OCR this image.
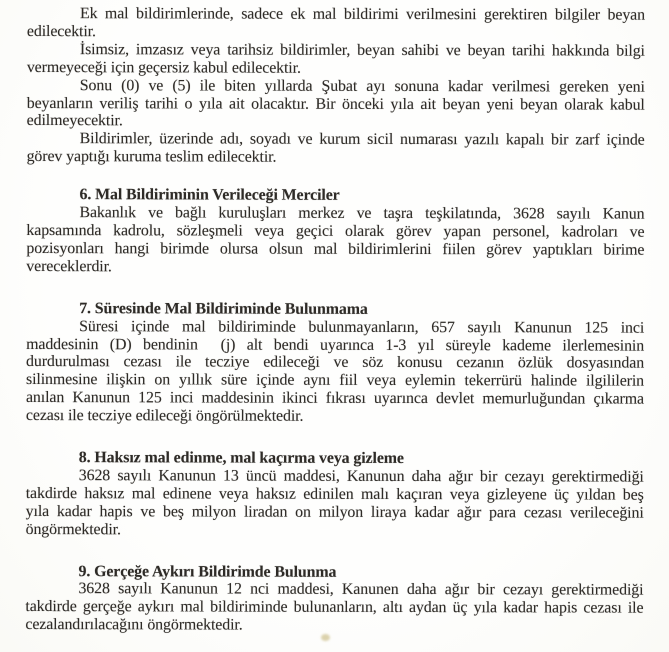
Ek mal bildirimlerinde, sadece ek mal bildirimi verilmesini gerektiren bilgiler beyan
edilecektir.
İsimsiz, imzasız veya tarihsiz bildirimler, beyan sahibi ve beyan tarihi hakkında bilgi
vermeyeceği için geçersiz kabul edilecektir.
Sonu (0) ve (5) ile biten yıllarda Şubat ayı sonuna kadar verilmesi gereken yeni
beyanların veriliş tarihi o yıla ait olacaktır. Bir önceki yıla ait beyan yeni beyan olarak kabul
edilmeyecektir.
Bildirimler, üzerinde adı, soyadı ve kurum sicil numarası yazılı kapalı bir zarf içinde
görev yaptığı kuruma teslim edilecektir.
6. Mal Bildiriminin Verileceği Merciler
Bakanlık ve bağlı kuruluşları merkez ve taşra teşkilatında, 3628 sayılı Kanun
kapsamında kadrolu, sözleşmeli veya geçici olarak görev yapan personel, kadroları ve
pozisyonları hangi birimde olursa olsun mal bildirimlerini fiilen görev yaptıkları birime
vereceklerdir.
7. Süresinde Mal Bildiriminde Bulunmama
Süresi içinde mal bildiriminde bulunmayanların, 657 sayılı Kanunun 125 inci
maddesinin (D) bendinin  (j) alt bendi uyarınca 1-3 yıl süreyle kademe ilerlemesinin
durdurulması cezası ile tecziye edileceği ve söz konusu cezanın özlük dosyasından
silinmesine ilişkin on yıllık süre içinde aynı fiil veya eylemin tekerrürü halinde ilgililerin
anılan Kanunun 125 inci maddesinin ikinci fıkrası uyarınca devlet memurluğundan çıkarma
cezası ile tecziye edileceği öngörülmektedir.
8. Haksız mal edinme, mal kaçırma veya gizleme
3628 sayılı Kanunun 13 üncü maddesi, Kanunun daha ağır bir cezayı gerektirmediği
takdirde haksız mal edinene veya haksız edinilen malı kaçıran veya gizleyene üç yıldan beş
yıla kadar hapis ve beş milyon liradan on milyon liraya kadar ağır para cezası verileceğini
öngörmektedir.
9. Gerçeğe Aykırı Bildirimde Bulunma
3628 sayılı Kanunun 12 nci maddesi, Kanunen daha ağır bir cezayı gerektirmediği
takdirde gerçeğe aykırı mal bildiriminde bulunanların, altı aydan üç yıla kadar hapis cezası ile
cezalandırılacağını öngörmektedir.
